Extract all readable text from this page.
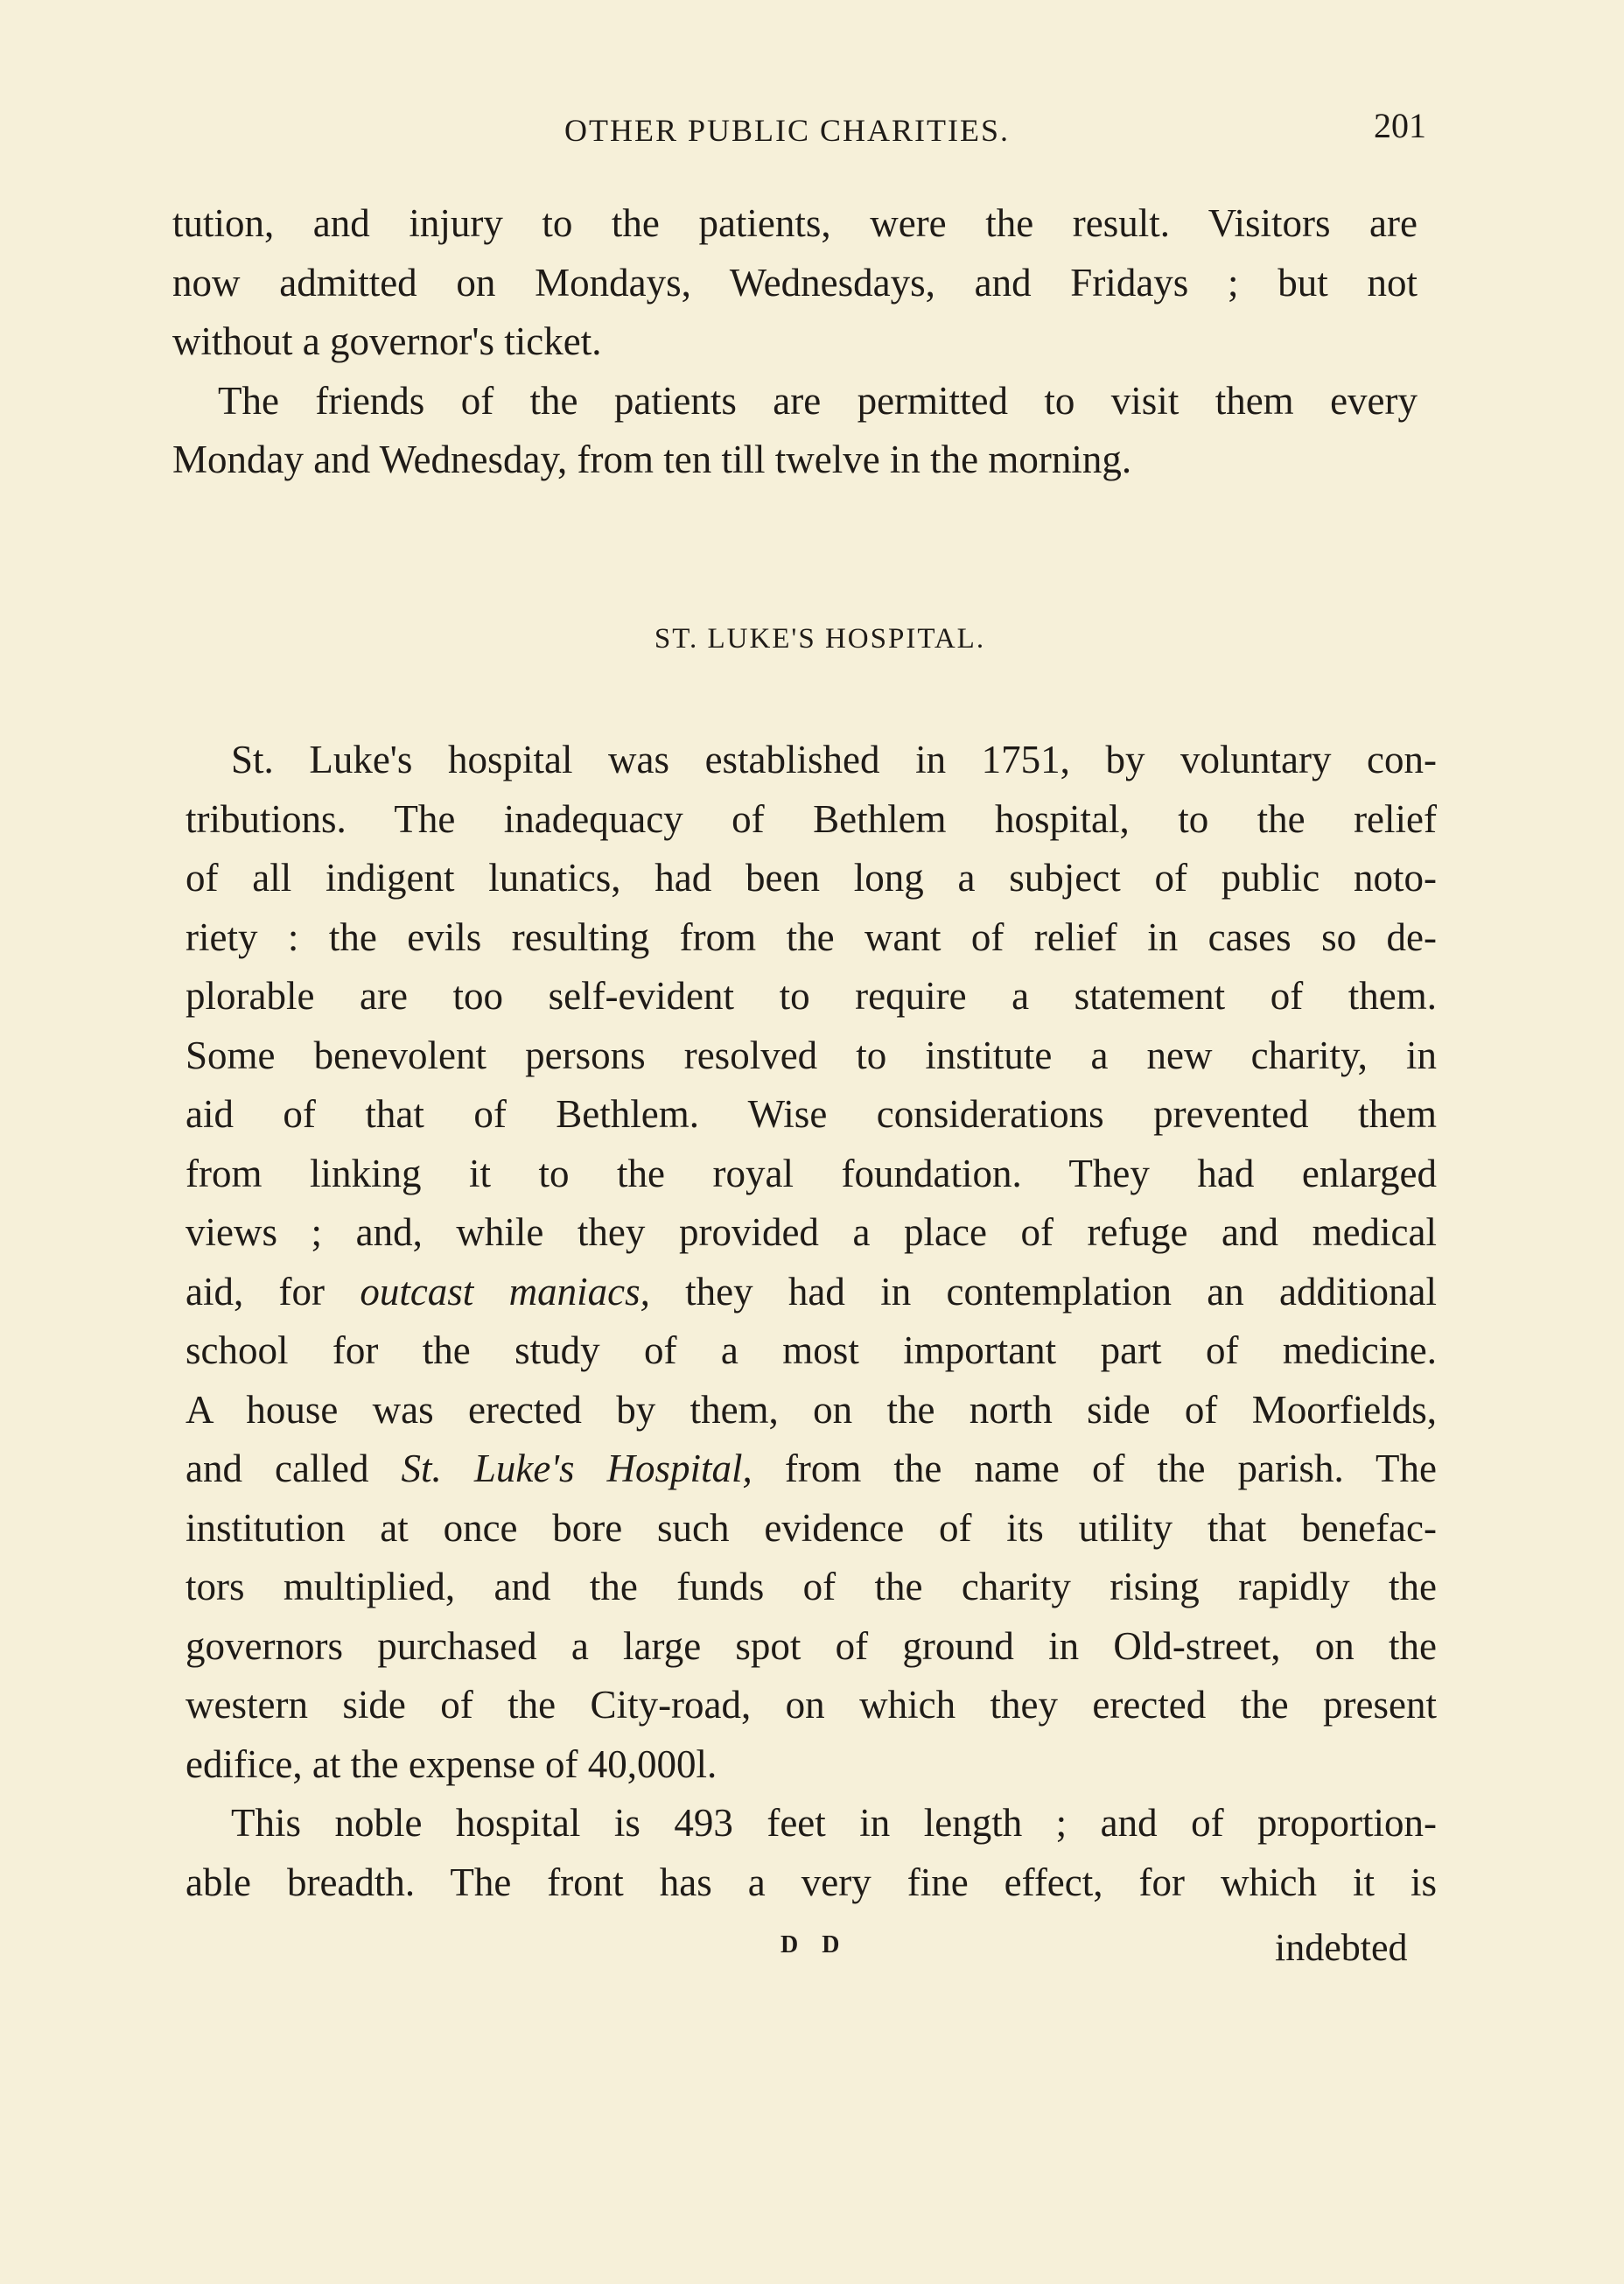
OTHER PUBLIC CHARITIES.	201
tution, and injury to the patients, were the result. Visitors are
now admitted on Mondays, Wednesdays, and Fridays ; but not
without a governor's ticket.
The friends of the patients are permitted to visit them every
Monday and Wednesday, from ten till twelve in the morning.
ST. LUKE'S HOSPITAL.
St. Luke's hospital was established in 1751, by voluntary con-
tributions. The inadequacy of Bethlem hospital, to the relief
of all indigent lunatics, had been long a subject of public noto-
riety : the evils resulting from the want of relief in cases so de-
plorable are too self-evident to require a statement of them.
Some benevolent persons resolved to institute a new charity, in
aid of that of Bethlem. Wise considerations prevented them
from linking it to the royal foundation. They had enlarged
views ; and, while they provided a place of refuge and medical
aid, for outcast maniacs, they had in contemplation an additional
school for the study of a most important part of medicine.
A house was erected by them, on the north side of Moorfields,
and called St. Luke's Hospital, from the name of the parish. The
institution at once bore such evidence of its utility that benefac-
tors multiplied, and the funds of the charity rising rapidly the
governors purchased a large spot of ground in Old-street, on the
western side of the City-road, on which they erected the present
edifice, at the expense of 40,000l.
This noble hospital is 493 feet in length ; and of proportion-
able breadth. The front has a very fine effect, for which it is
D D	indebted
